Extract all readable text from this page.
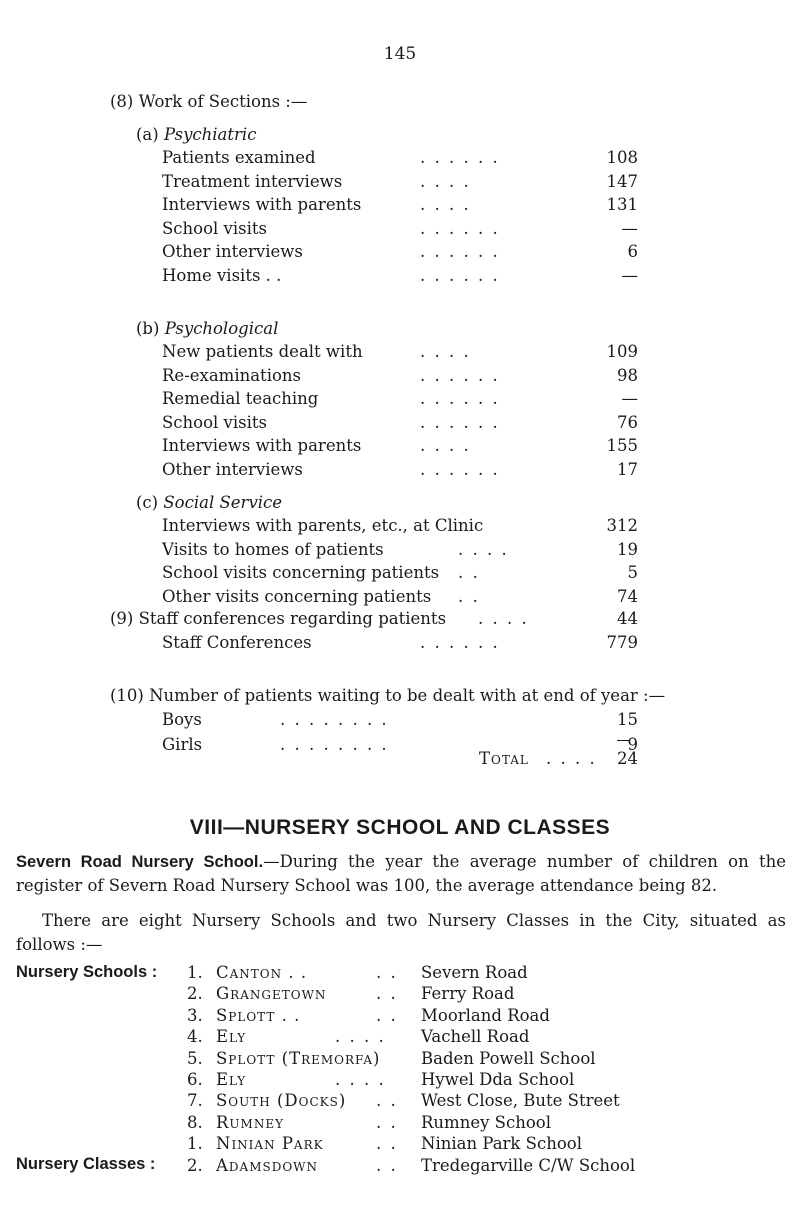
145
(8) Work of Sections :—
(a) Psychiatric
Patients examined	. . . . . .	108
Treatment interviews	. . . .	147
Interviews with parents	. . . .	131
School visits	. . . . . .	—
Other interviews	. . . . . .	6
Home visits . .	. . . . . .	—
(b) Psychological
New patients dealt with	. . . .	109
Re-examinations	. . . . . .	98
Remedial teaching	. . . . . .	—
School visits	. . . . . .	76
Interviews with parents	. . . .	155
Other interviews	. . . . . .	17
(c) Social Service
Interviews with parents, etc., at Clinic	312
Visits to homes of patients	. . . .	19
School visits concerning patients . .	5
Other visits concerning patients . .	74
(9) Staff conferences regarding patients . . . .	44
Staff Conferences	. . . . . .	779
(10) Number of patients waiting to be dealt with at end of year :—
Boys	. . . . . . . .	15
Girls	. . . . . . . .	9
Total . . . .	24
VIII—NURSERY SCHOOL AND CLASSES
Severn Road Nursery School.—During the year the average number of children on the register of Severn Road Nursery School was 100, the average attendance being 82.
There are eight Nursery Schools and two Nursery Classes in the City, situated as follows :—
Nursery Schools :
Nursery Classes :
1. Canton . .	. . Severn Road
2. Grangetown	. . Ferry Road
3. Splott . .	. . Moorland Road
4. Ely	. . . . Vachell Road
5. Splott (Tremorfa) Baden Powell School
6. Ely	. . . . Hywel Dda School
7. South (Docks) . . West Close, Bute Street
8. Rumney	. . Rumney School
1. Ninian Park	. . Ninian Park School
2. Adamsdown	. . Tredegarville C/W School
